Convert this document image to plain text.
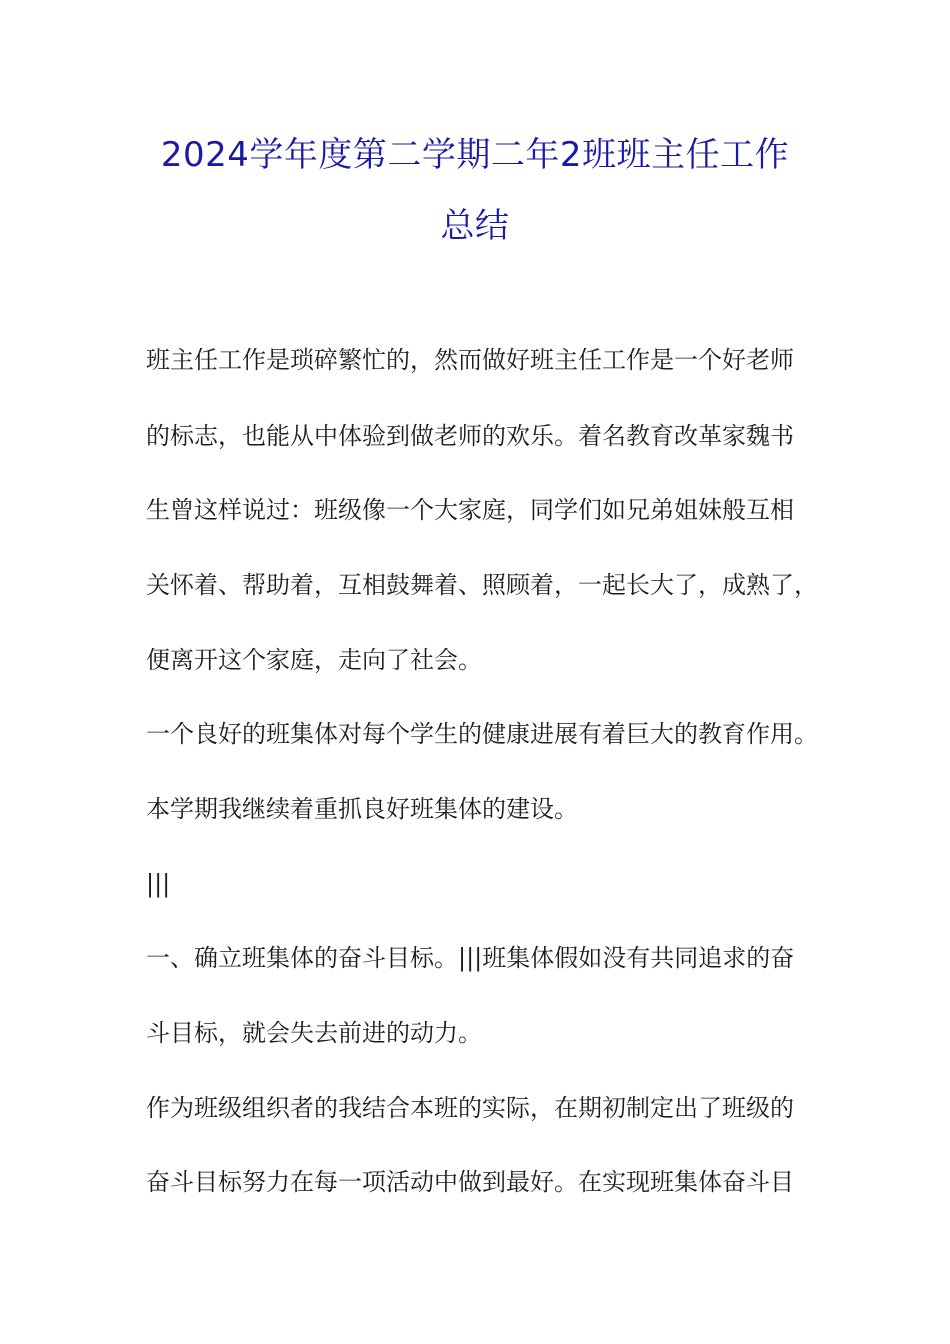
2024学年度第二学期二年2班班主任工作
总结
班主任工作是琐碎繁忙的，然而做好班主任工作是一个好老师
的标志，也能从中体验到做老师的欢乐。着名教育改革家魏书
生曾这样说过：班级像一个大家庭，同学们如兄弟姐妹般互相
关怀着、帮助着，互相鼓舞着、照顾着，一起长大了，成熟了，
便离开这个家庭，走向了社会。
一个良好的班集体对每个学生的健康进展有着巨大的教育作用。
本学期我继续着重抓良好班集体的建设。
|||
一、确立班集体的奋斗目标。|||班集体假如没有共同追求的奋
斗目标，就会失去前进的动力。
作为班级组织者的我结合本班的实际，在期初制定出了班级的
奋斗目标努力在每一项活动中做到最好。在实现班集体奋斗目
